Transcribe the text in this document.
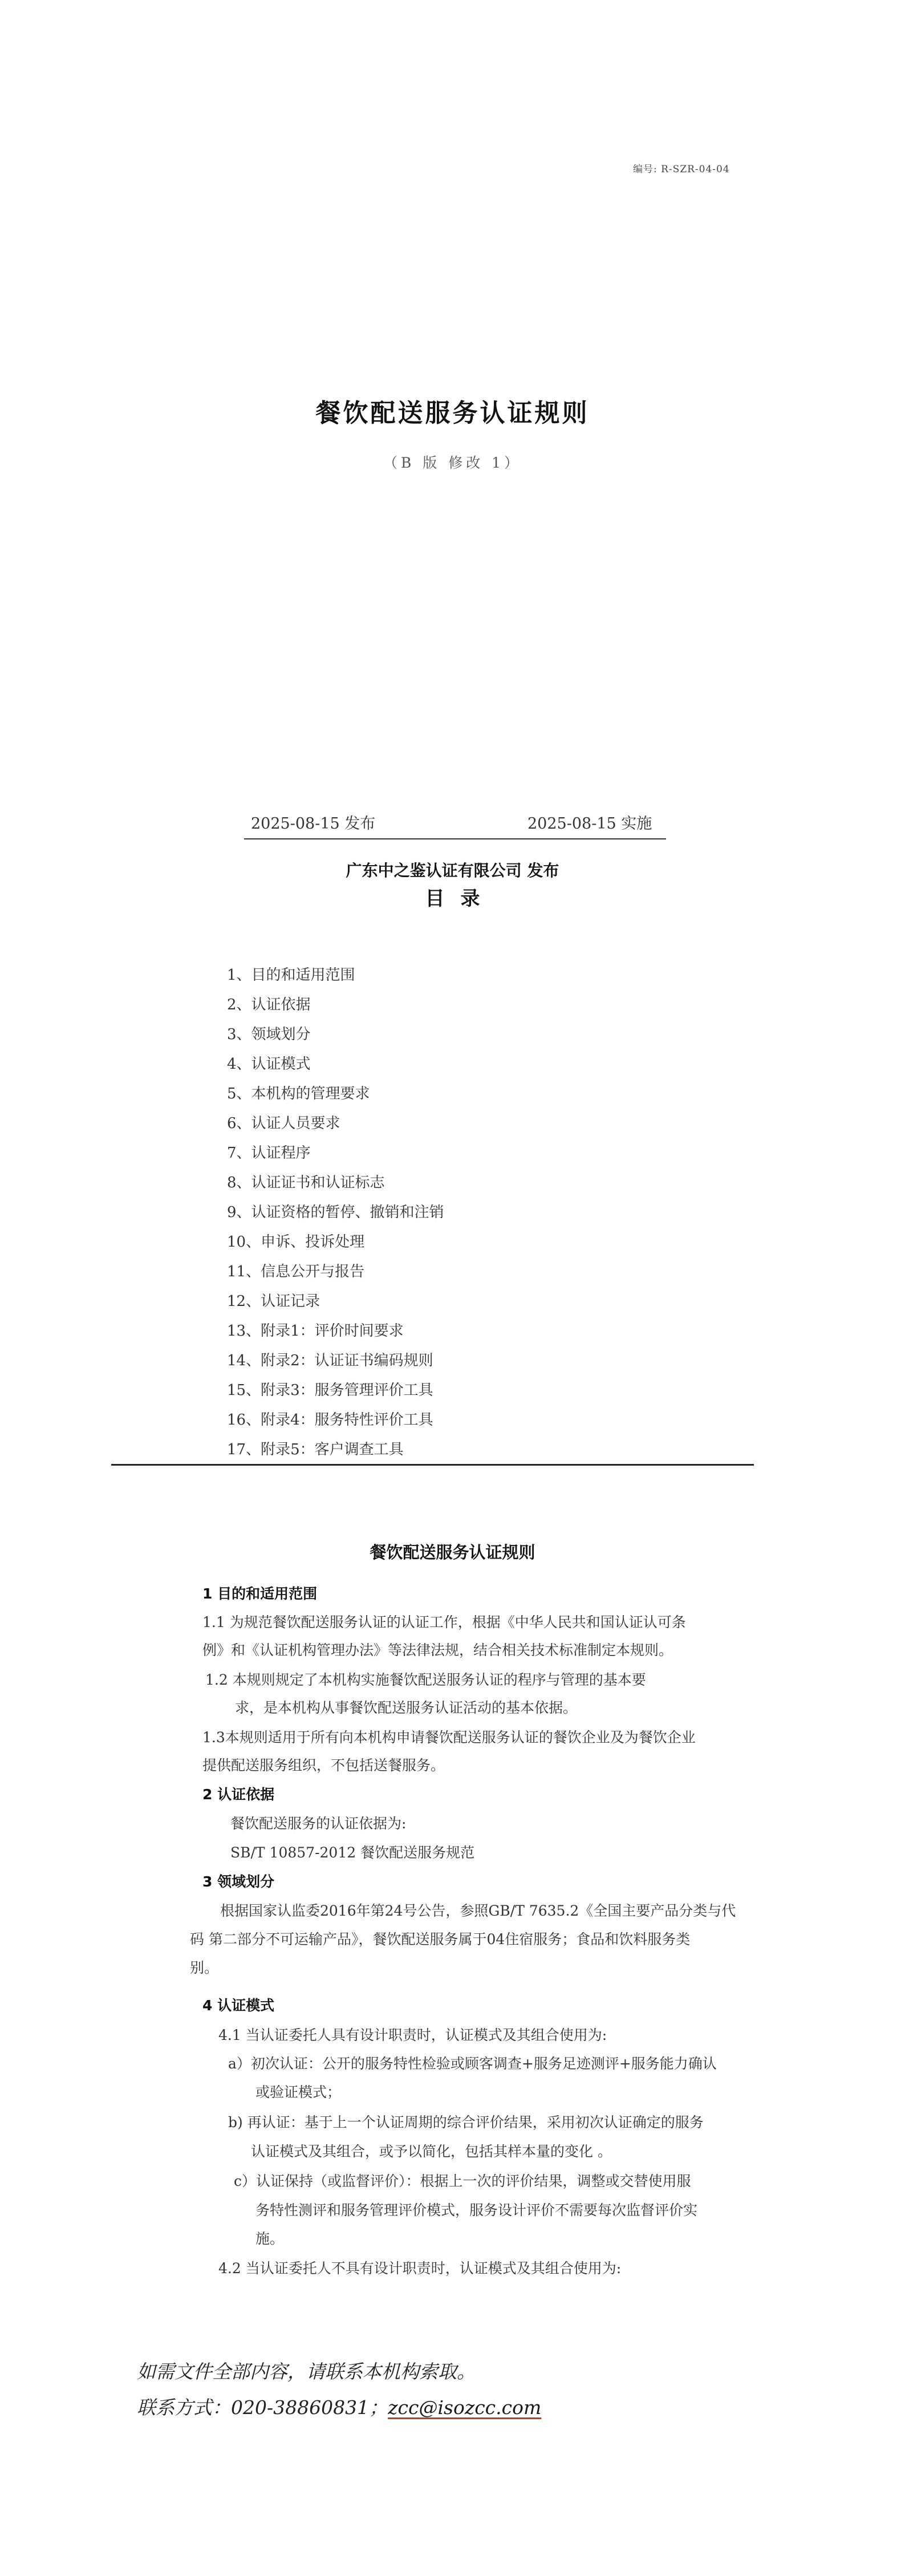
编号: R-SZR-04-04
餐饮配送服务认证规则
（B 版 修改 1）
2025-08-15 发布	2025-08-15 实施
广东中之鉴认证有限公司 发布
目录
1、目的和适用范围
2、认证依据
3、领域划分
4、认证模式
5、本机构的管理要求
6、认证人员要求
7、认证程序
8、认证证书和认证标志
9、认证资格的暂停、撤销和注销
10、申诉、投诉处理
11、信息公开与报告
12、认证记录
13、附录1：评价时间要求
14、附录2：认证证书编码规则
15、附录3：服务管理评价工具
16、附录4：服务特性评价工具
17、附录5：客户调查工具
餐饮配送服务认证规则
1 目的和适用范围
1.1 为规范餐饮配送服务认证的认证工作，根据《中华人民共和国认证认可条
例》和《认证机构管理办法》等法律法规，结合相关技术标准制定本规则。
1.2 本规则规定了本机构实施餐饮配送服务认证的程序与管理的基本要
求，是本机构从事餐饮配送服务认证活动的基本依据。
1.3本规则适用于所有向本机构申请餐饮配送服务认证的餐饮企业及为餐饮企业
提供配送服务组织，不包括送餐服务。
2 认证依据
餐饮配送服务的认证依据为:
SB/T 10857-2012 餐饮配送服务规范
3 领域划分
根据国家认监委2016年第24号公告，参照GB/T 7635.2《全国主要产品分类与代
码 第二部分不可运输产品》，餐饮配送服务属于04住宿服务；食品和饮料服务类
别。
4 认证模式
4.1 当认证委托人具有设计职责时，认证模式及其组合使用为:
a）初次认证：公开的服务特性检验或顾客调查+服务足迹测评+服务能力确认
或验证模式；
b) 再认证：基于上一个认证周期的综合评价结果，采用初次认证确定的服务
认证模式及其组合，或予以简化，包括其样本量的变化 。
c）认证保持（或监督评价）：根据上一次的评价结果，调整或交替使用服
务特性测评和服务管理评价模式，服务设计评价不需要每次监督评价实
施。
4.2 当认证委托人不具有设计职责时，认证模式及其组合使用为:
如需文件全部内容，请联系本机构索取。
联系方式：020-38860831；zcc@isozcc.com
